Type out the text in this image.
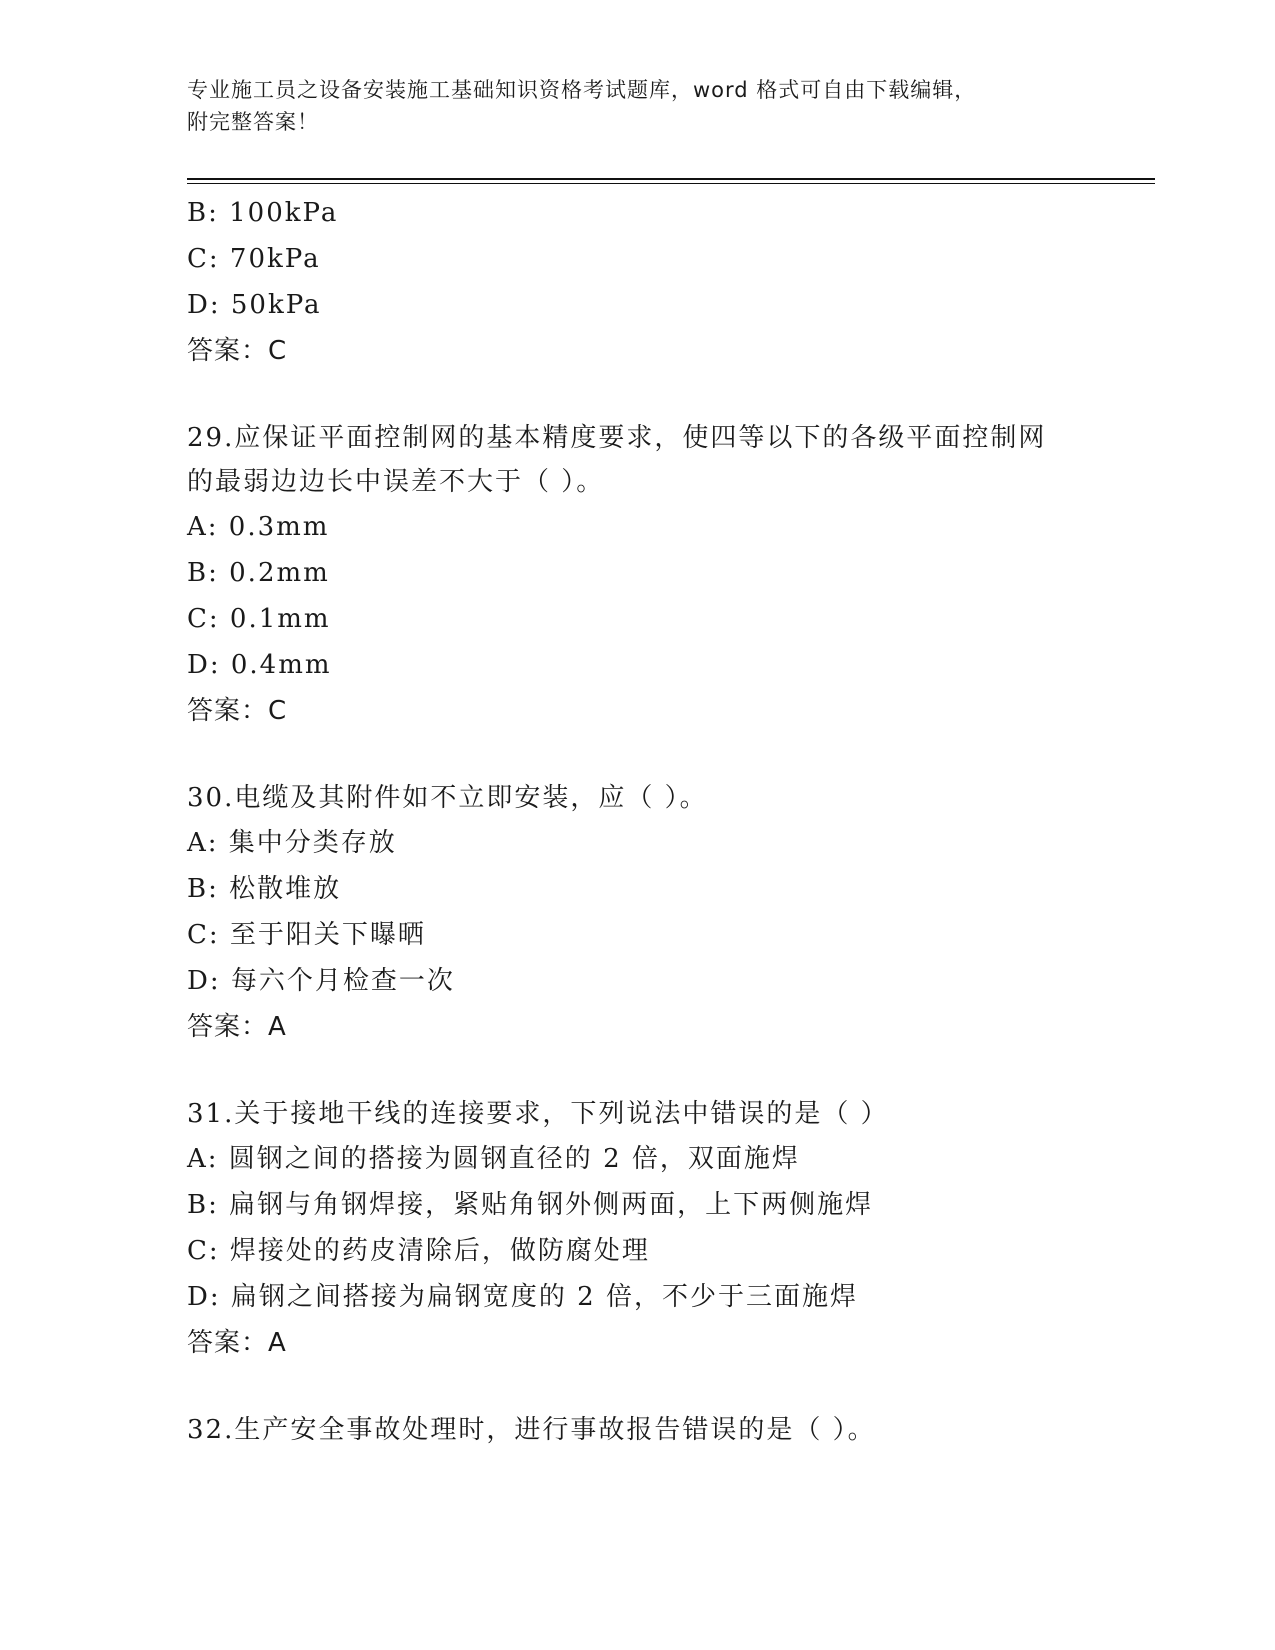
专业施工员之设备安装施工基础知识资格考试题库，word 格式可自由下载编辑，
附完整答案！
B: 100kPa
C: 70kPa
D: 50kPa
答案：C
29.应保证平面控制网的基本精度要求，使四等以下的各级平面控制网
的最弱边边长中误差不大于（ ）。
A: 0.3mm
B: 0.2mm
C: 0.1mm
D: 0.4mm
答案：C
30.电缆及其附件如不立即安装，应（ ）。
A: 集中分类存放
B: 松散堆放
C: 至于阳关下曝晒
D: 每六个月检查一次
答案：A
31.关于接地干线的连接要求，下列说法中错误的是（ ）
A: 圆钢之间的搭接为圆钢直径的 2 倍，双面施焊
B: 扁钢与角钢焊接，紧贴角钢外侧两面，上下两侧施焊
C: 焊接处的药皮清除后，做防腐处理
D: 扁钢之间搭接为扁钢宽度的 2 倍，不少于三面施焊
答案：A
32.生产安全事故处理时，进行事故报告错误的是（ ）。
